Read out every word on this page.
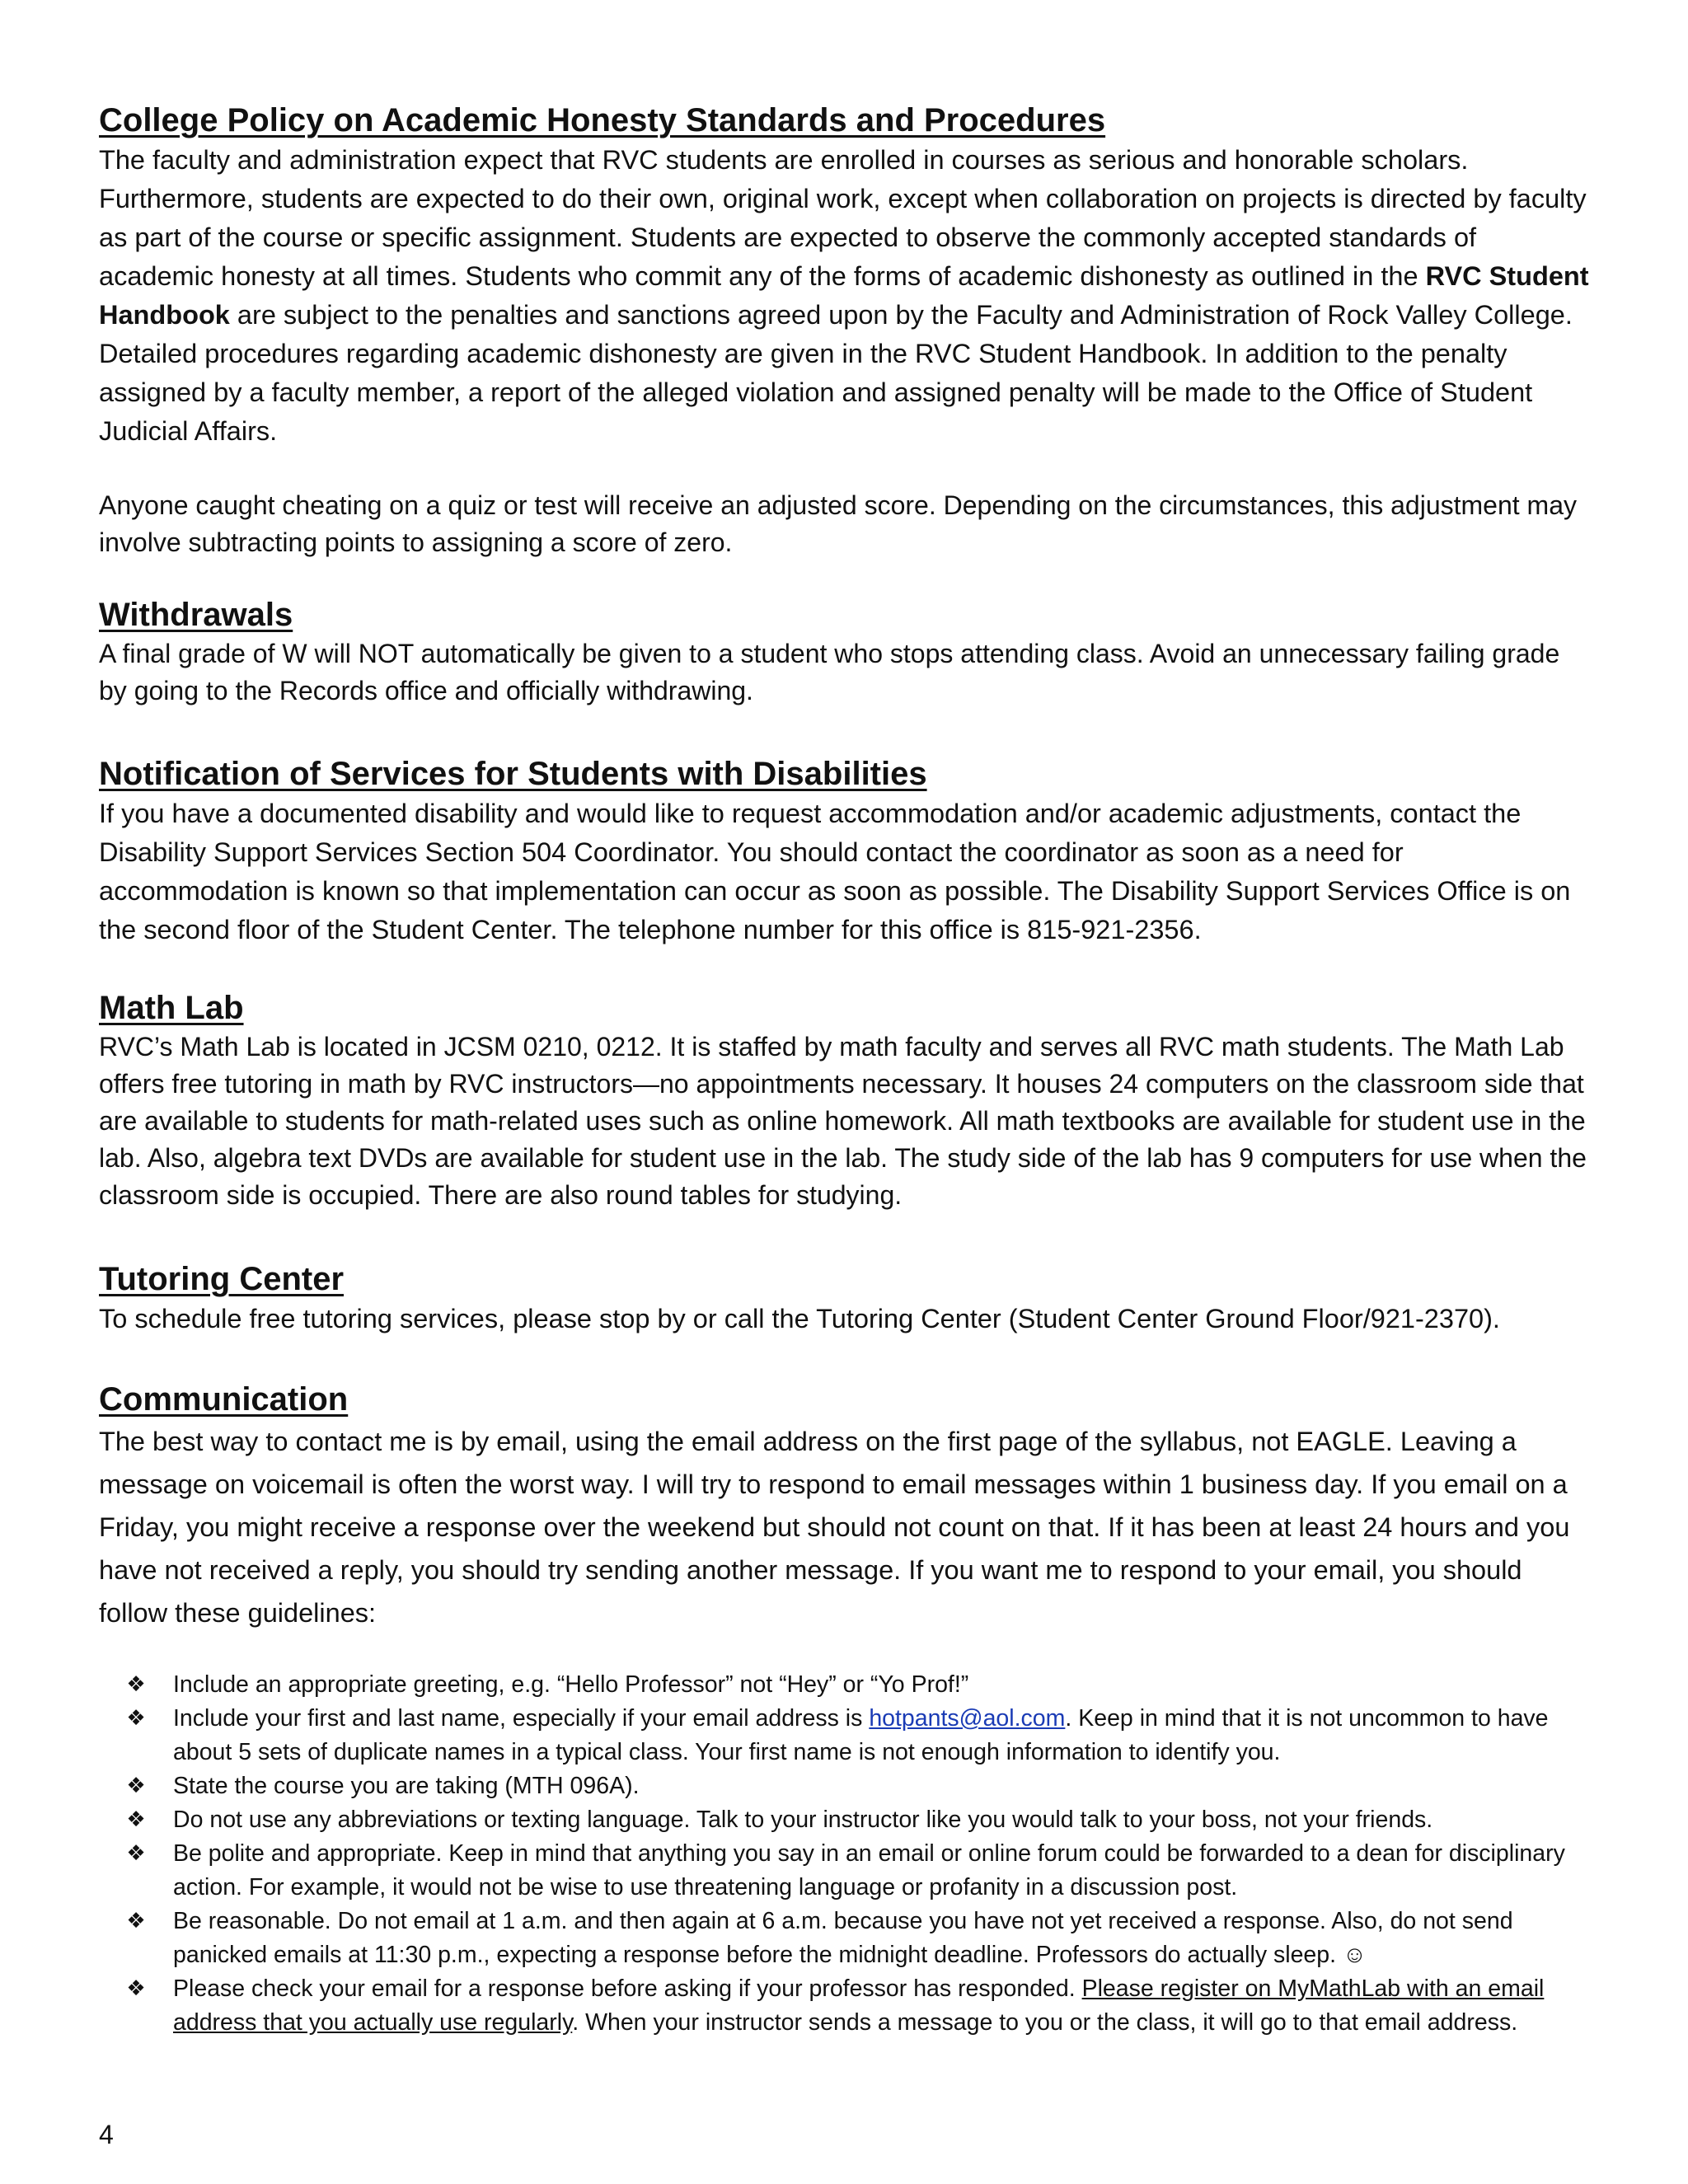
College Policy on Academic Honesty Standards and Procedures

The faculty and administration expect that RVC students are enrolled in courses as serious and honorable scholars. Furthermore, students are expected to do their own, original work, except when collaboration on projects is directed by faculty as part of the course or specific assignment. Students are expected to observe the commonly accepted standards of academic honesty at all times. Students who commit any of the forms of academic dishonesty as outlined in the RVC Student Handbook are subject to the penalties and sanctions agreed upon by the Faculty and Administration of Rock Valley College. Detailed procedures regarding academic dishonesty are given in the RVC Student Handbook. In addition to the penalty assigned by a faculty member, a report of the alleged violation and assigned penalty will be made to the Office of Student Judicial Affairs.

Anyone caught cheating on a quiz or test will receive an adjusted score. Depending on the circumstances, this adjustment may involve subtracting points to assigning a score of zero.

Withdrawals

A final grade of W will NOT automatically be given to a student who stops attending class. Avoid an unnecessary failing grade by going to the Records office and officially withdrawing.

Notification of Services for Students with Disabilities

If you have a documented disability and would like to request accommodation and/or academic adjustments, contact the Disability Support Services Section 504 Coordinator. You should contact the coordinator as soon as a need for accommodation is known so that implementation can occur as soon as possible. The Disability Support Services Office is on the second floor of the Student Center. The telephone number for this office is 815-921-2356.

Math Lab

RVC’s Math Lab is located in JCSM 0210, 0212. It is staffed by math faculty and serves all RVC math students. The Math Lab offers free tutoring in math by RVC instructors—no appointments necessary. It houses 24 computers on the classroom side that are available to students for math-related uses such as online homework. All math textbooks are available for student use in the lab. Also, algebra text DVDs are available for student use in the lab. The study side of the lab has 9 computers for use when the classroom side is occupied. There are also round tables for studying.

Tutoring Center

To schedule free tutoring services, please stop by or call the Tutoring Center (Student Center Ground Floor/921-2370).

Communication

The best way to contact me is by email, using the email address on the first page of the syllabus, not EAGLE. Leaving a message on voicemail is often the worst way. I will try to respond to email messages within 1 business day. If you email on a Friday, you might receive a response over the weekend but should not count on that. If it has been at least 24 hours and you have not received a reply, you should try sending another message. If you want me to respond to your email, you should follow these guidelines:

❖ Include an appropriate greeting, e.g. “Hello Professor” not “Hey” or “Yo Prof!”
❖ Include your first and last name, especially if your email address is hotpants@aol.com. Keep in mind that it is not uncommon to have about 5 sets of duplicate names in a typical class. Your first name is not enough information to identify you.
❖ State the course you are taking (MTH 096A).
❖ Do not use any abbreviations or texting language. Talk to your instructor like you would talk to your boss, not your friends.
❖ Be polite and appropriate. Keep in mind that anything you say in an email or online forum could be forwarded to a dean for disciplinary action. For example, it would not be wise to use threatening language or profanity in a discussion post.
❖ Be reasonable. Do not email at 1 a.m. and then again at 6 a.m. because you have not yet received a response. Also, do not send panicked emails at 11:30 p.m., expecting a response before the midnight deadline. Professors do actually sleep. ☺
❖ Please check your email for a response before asking if your professor has responded. Please register on MyMathLab with an email address that you actually use regularly. When your instructor sends a message to you or the class, it will go to that email address.
4
